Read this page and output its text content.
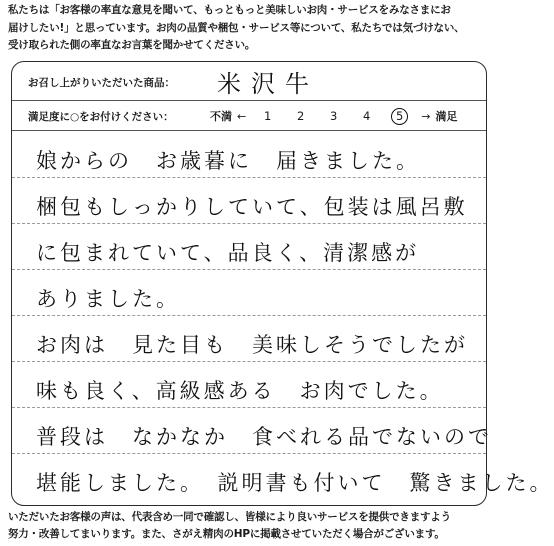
私たちは「お客様の率直な意見を聞いて、もっともっと美味しいお肉・サービスをみなさまにお
届けしたい!」と思っています。お肉の品質や梱包・サービス等について、私たちでは気づけない、
受け取られた側の率直なお言葉を聞かせてください。
お召し上がりいただいた商品： 米沢牛
満足度に○をお付けください：	不満 ←	1	2	3	4	5	→ 満足
娘からの　お歳暮に　届きました。
梱包もしっかりしていて、包装は風呂敷
に包まれていて、品良く、清潔感が
ありました。
お肉は　見た目も　美味しそうでしたが
味も良く、高級感ある　お肉でした。
普段は　なかなか　食べれる品でないので
堪能しました。　説明書も付いて　驚きました。
いただいたお客様の声は、代表含め一同で確認し、皆様により良いサービスを提供できますよう
努力・改善してまいります。また、さがえ精肉のHPに掲載させていただく場合がございます。
